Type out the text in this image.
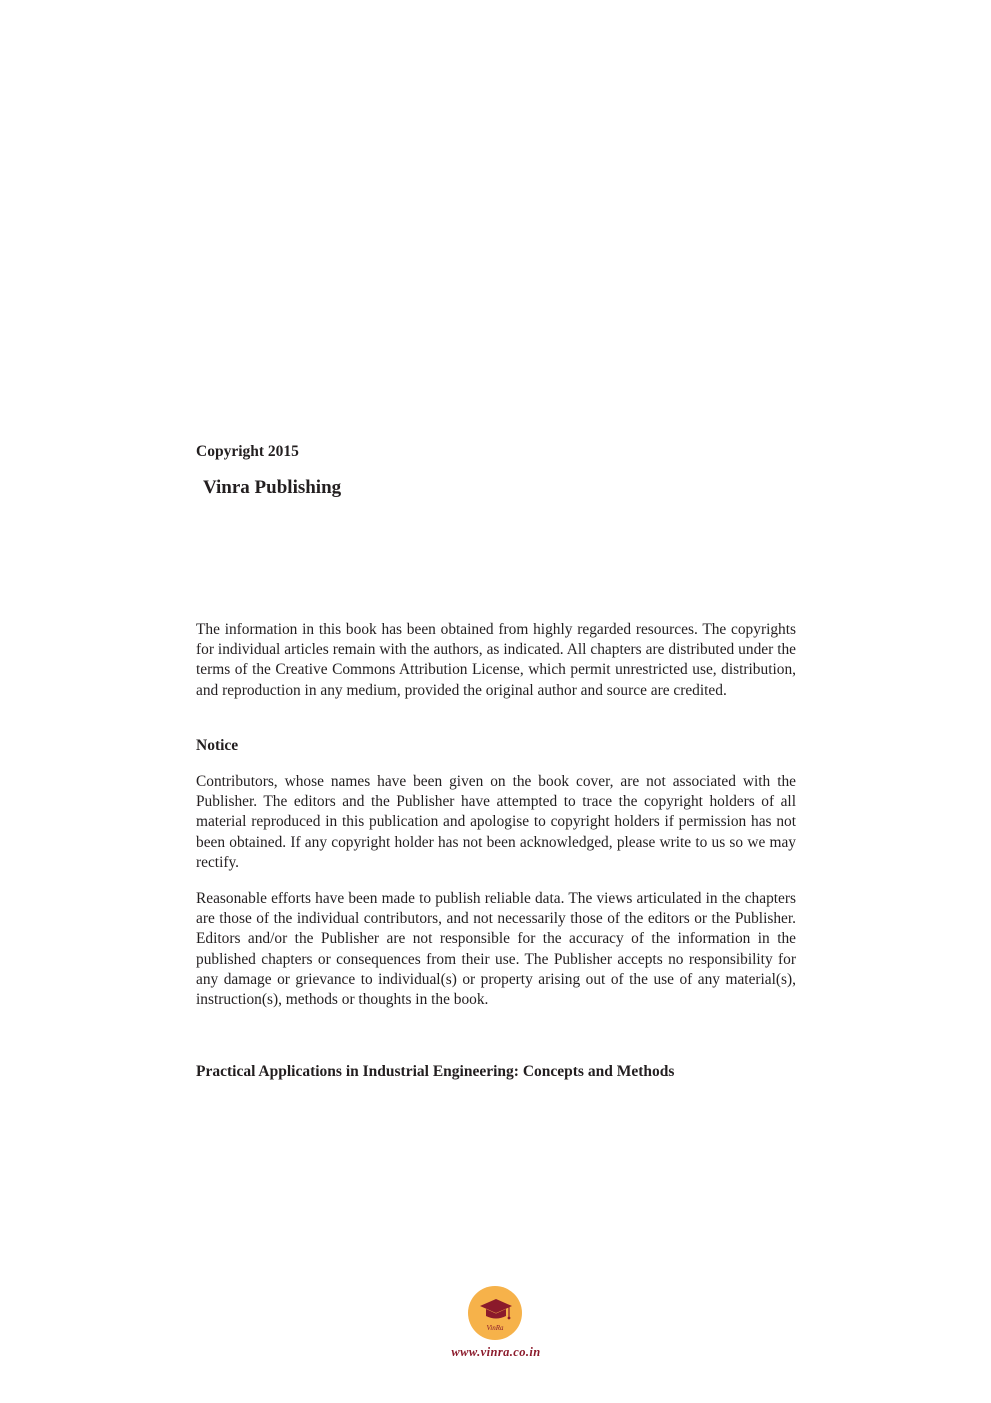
Copyright 2015
Vinra Publishing

The information in this book has been obtained from highly regarded resources. The copyrights for individual articles remain with the authors, as indicated. All chapters are distributed under the terms of the Creative Commons Attribution License, which permit unrestricted use, distribution, and reproduction in any medium, provided the original author and source are credited.

Notice

Contributors, whose names have been given on the book cover, are not associated with the Publisher. The editors and the Publisher have attempted to trace the copyright holders of all material reproduced in this publication and apologise to copyright holders if permission has not been obtained. If any copyright holder has not been acknowledged, please write to us so we may rectify.

Reasonable efforts have been made to publish reliable data. The views articulated in the chapters are those of the individual contributors, and not necessarily those of the editors or the Publisher. Editors and/or the Publisher are not responsible for the accuracy of the information in the published chapters or consequences from their use. The Publisher accepts no responsibility for any damage or grievance to individual(s) or property arising out of the use of any material(s), instruction(s), methods or thoughts in the book.

Practical Applications in Industrial Engineering: Concepts and Methods
VinRa
www.vinra.co.in
